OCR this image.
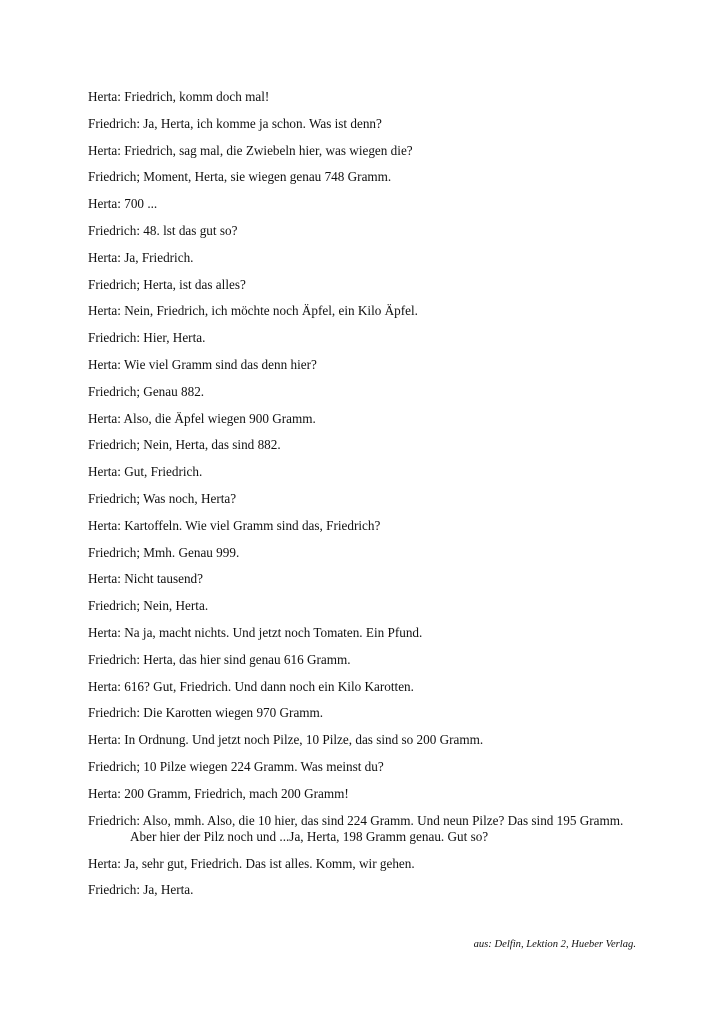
Herta: Friedrich, komm doch mal!

Friedrich: Ja, Herta, ich komme ja schon. Was ist denn?

Herta: Friedrich, sag mal, die Zwiebeln hier, was wiegen die?

Friedrich; Moment, Herta, sie wiegen genau 748 Gramm.

Herta: 700 ...

Friedrich: 48. lst das gut so?

Herta: Ja, Friedrich.

Friedrich; Herta, ist das alles?

Herta: Nein, Friedrich, ich möchte noch Äpfel, ein Kilo Äpfel.

Friedrich: Hier, Herta.

Herta: Wie viel Gramm sind das denn hier?

Friedrich; Genau 882.

Herta: Also, die Äpfel wiegen 900 Gramm.

Friedrich; Nein, Herta, das sind 882.

Herta: Gut, Friedrich.

Friedrich; Was noch, Herta?

Herta: Kartoffeln. Wie viel Gramm sind das, Friedrich?

Friedrich; Mmh. Genau 999.

Herta: Nicht tausend?

Friedrich; Nein, Herta.

Herta: Na ja, macht nichts. Und jetzt noch Tomaten. Ein Pfund.

Friedrich: Herta, das hier sind genau 616 Gramm.

Herta: 616? Gut, Friedrich. Und dann noch ein Kilo Karotten.

Friedrich: Die Karotten wiegen 970 Gramm.

Herta: In Ordnung. Und jetzt noch Pilze, 10 Pilze, das sind so 200 Gramm.

Friedrich; 10 Pilze wiegen 224 Gramm. Was meinst du?

Herta: 200 Gramm, Friedrich, mach 200 Gramm!

Friedrich: Also, mmh. Also, die 10 hier, das sind 224 Gramm. Und neun Pilze? Das sind 195 Gramm. Aber hier der Pilz noch und ...Ja, Herta, 198 Gramm genau. Gut so?

Herta: Ja, sehr gut, Friedrich. Das ist alles. Komm, wir gehen.

Friedrich: Ja, Herta.

aus: Delfin, Lektion 2, Hueber Verlag.
